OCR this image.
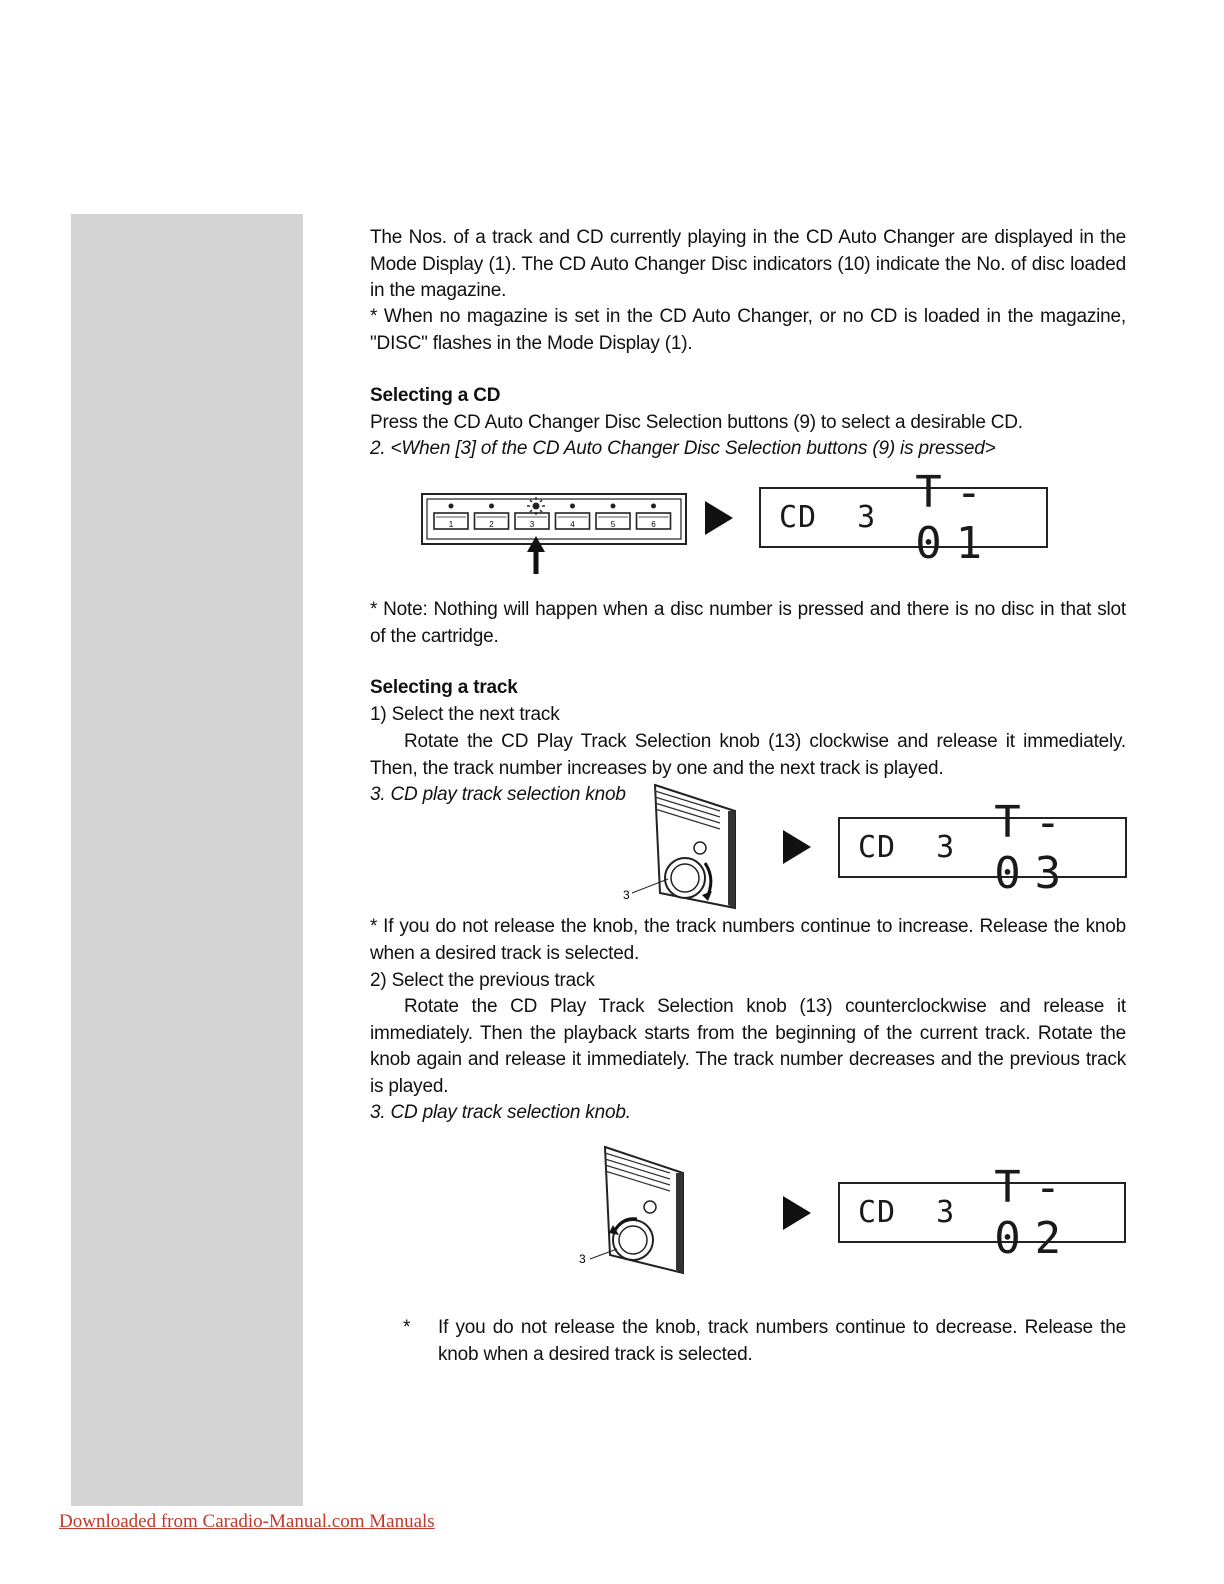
The Nos. of a track and CD currently playing in the CD Auto Changer are displayed in the Mode Display (1). The CD Auto Changer Disc indicators (10) indicate the No. of disc loaded in the magazine.

* When no magazine is set in the CD Auto Changer, or no CD is loaded in the magazine, "DISC" flashes in the Mode Display (1).

Selecting a CD

Press the CD Auto Changer Disc Selection buttons (9) to select a desirable CD.

2. <When [3] of the CD Auto Changer Disc Selection buttons (9) is pressed>

1	2	3	4	5	6	CD 3 T-01

* Note: Nothing will happen when a disc number is pressed and there is no disc in that slot of the cartridge.

Selecting a track

1) Select the next track

Rotate the CD Play Track Selection knob (13) clockwise and release it immediately. Then, the track number increases by one and the next track is played.

3. CD play track selection knob

3
CD 3 T-03

* If you do not release the knob, the track numbers continue to increase. Release the knob when a desired track is selected.

2) Select the previous track

Rotate the CD Play Track Selection knob (13) counterclockwise and release it immediately. Then the playback starts from the beginning of the current track. Rotate the knob again and release it immediately. The track number decreases and the previous track is played.

3. CD play track selection knob.

3
CD 3 T-02
*	If you do not release the knob, track numbers continue to decrease. Release the knob when a desired track is selected.

Downloaded from Caradio-Manual.com Manuals
